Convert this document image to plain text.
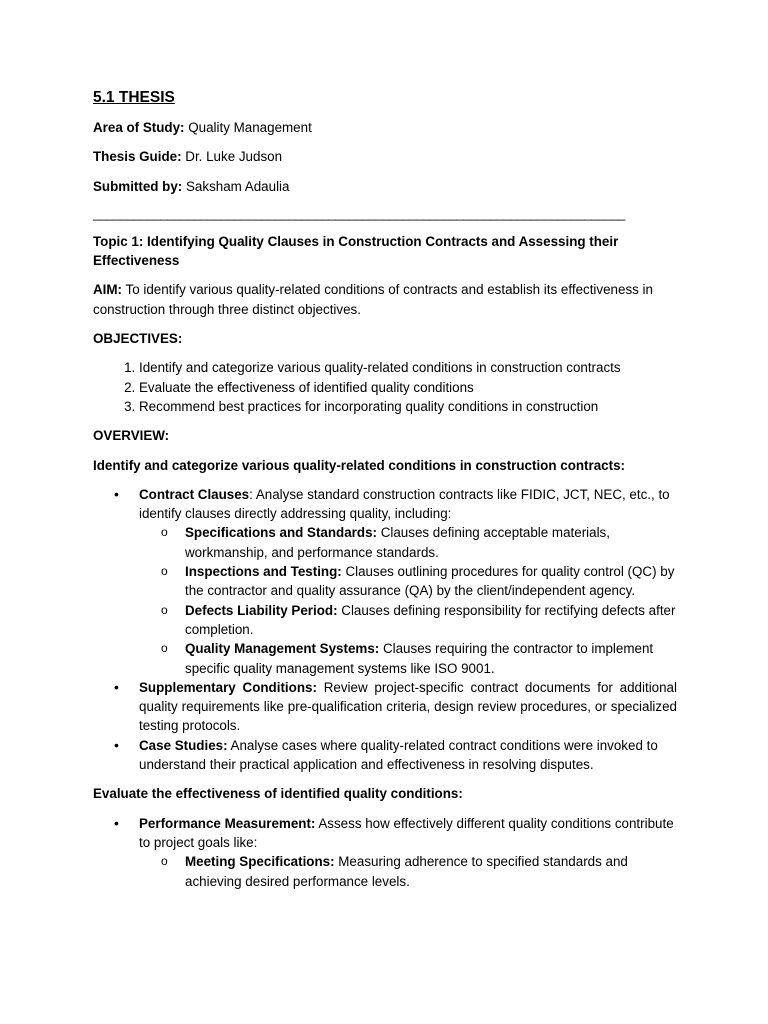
5.1 THESIS
Area of Study: Quality Management
Thesis Guide: Dr. Luke Judson
Submitted by: Saksham Adaulia
_______________________________________________________________________________
Topic 1: Identifying Quality Clauses in Construction Contracts and Assessing their Effectiveness
AIM: To identify various quality-related conditions of contracts and establish its effectiveness in construction through three distinct objectives.
OBJECTIVES:
1. Identify and categorize various quality-related conditions in construction contracts
2. Evaluate the effectiveness of identified quality conditions
3. Recommend best practices for incorporating quality conditions in construction
OVERVIEW:
Identify and categorize various quality-related conditions in construction contracts:
• Contract Clauses: Analyse standard construction contracts like FIDIC, JCT, NEC, etc., to identify clauses directly addressing quality, including:
o Specifications and Standards: Clauses defining acceptable materials, workmanship, and performance standards.
o Inspections and Testing: Clauses outlining procedures for quality control (QC) by the contractor and quality assurance (QA) by the client/independent agency.
o Defects Liability Period: Clauses defining responsibility for rectifying defects after completion.
o Quality Management Systems: Clauses requiring the contractor to implement specific quality management systems like ISO 9001.
• Supplementary Conditions: Review project-specific contract documents for additional quality requirements like pre-qualification criteria, design review procedures, or specialized testing protocols.
• Case Studies: Analyse cases where quality-related contract conditions were invoked to understand their practical application and effectiveness in resolving disputes.
Evaluate the effectiveness of identified quality conditions:
• Performance Measurement: Assess how effectively different quality conditions contribute to project goals like:
o Meeting Specifications: Measuring adherence to specified standards and achieving desired performance levels.
